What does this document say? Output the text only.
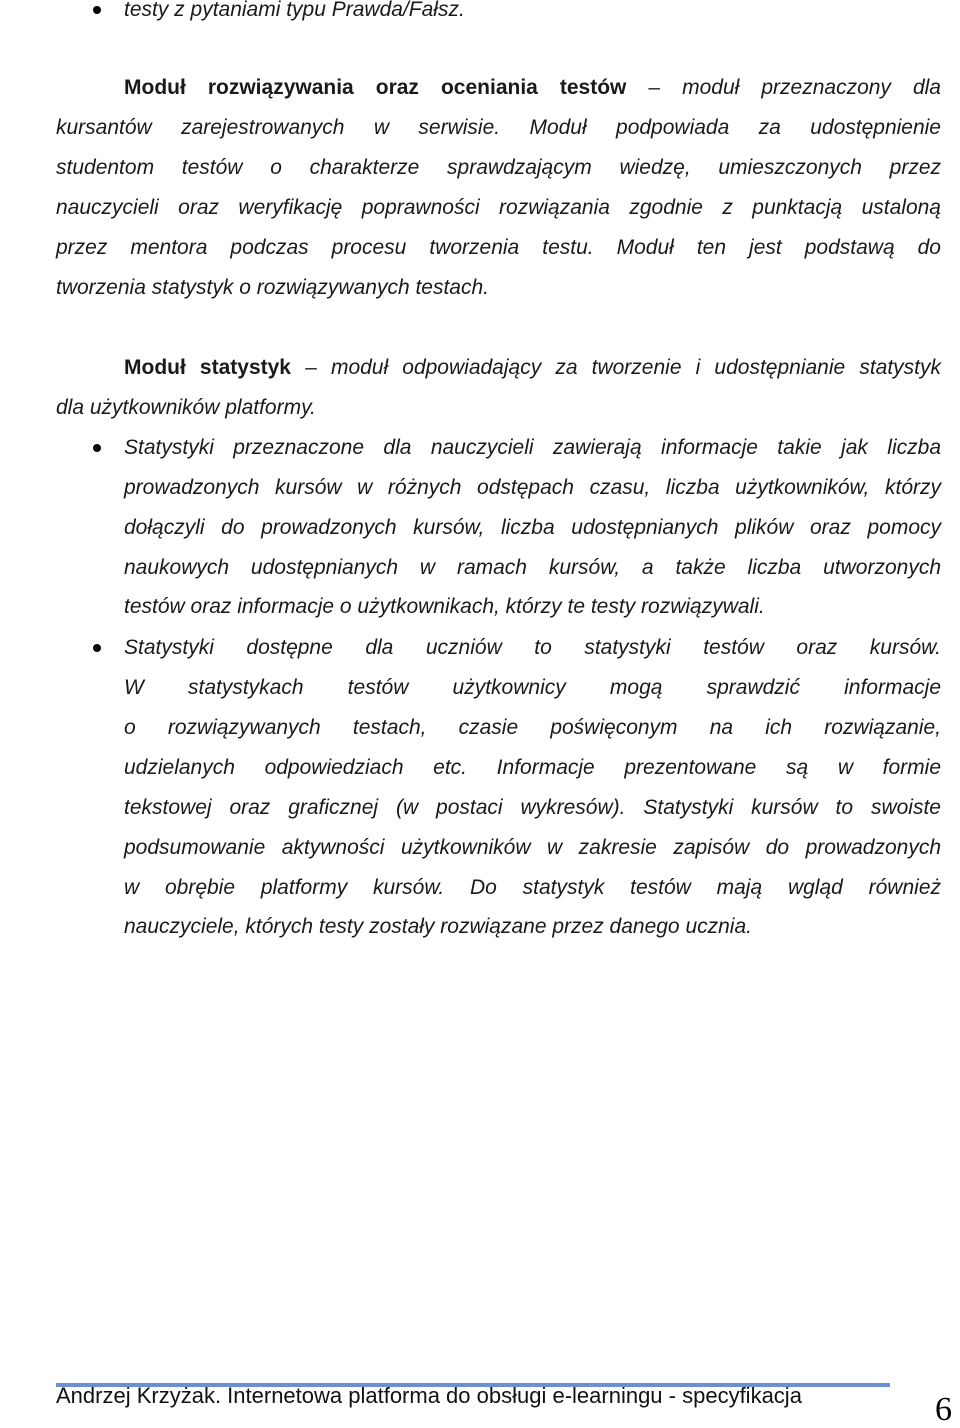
testy z pytaniami typu Prawda/Fałsz.
Moduł rozwiązywania oraz oceniania testów – moduł przeznaczony dla
kursantów zarejestrowanych w serwisie. Moduł podpowiada za udostępnienie
studentom testów o charakterze sprawdzającym wiedzę, umieszczonych przez
nauczycieli oraz weryfikację poprawności rozwiązania zgodnie z punktacją ustaloną
przez mentora podczas procesu tworzenia testu. Moduł ten jest podstawą do
tworzenia statystyk o rozwiązywanych testach.
Moduł statystyk – moduł odpowiadający za tworzenie i udostępnianie statystyk
dla użytkowników platformy.
Statystyki przeznaczone dla nauczycieli zawierają informacje takie jak liczba
prowadzonych kursów w różnych odstępach czasu, liczba użytkowników, którzy
dołączyli do prowadzonych kursów, liczba udostępnianych plików oraz pomocy
naukowych udostępnianych w ramach kursów, a także liczba utworzonych
testów oraz informacje o użytkownikach, którzy te testy rozwiązywali.
Statystyki dostępne dla uczniów to statystyki testów oraz kursów.
W statystykach testów użytkownicy mogą sprawdzić informacje
o rozwiązywanych testach, czasie poświęconym na ich rozwiązanie,
udzielanych odpowiedziach etc. Informacje prezentowane są w formie
tekstowej oraz graficznej (w postaci wykresów). Statystyki kursów to swoiste
podsumowanie aktywności użytkowników w zakresie zapisów do prowadzonych
w obrębie platformy kursów. Do statystyk testów mają wgląd również
nauczyciele, których testy zostały rozwiązane przez danego ucznia.
Andrzej Krzyżak. Internetowa platforma do obsługi e-learningu - specyfikacja	6
